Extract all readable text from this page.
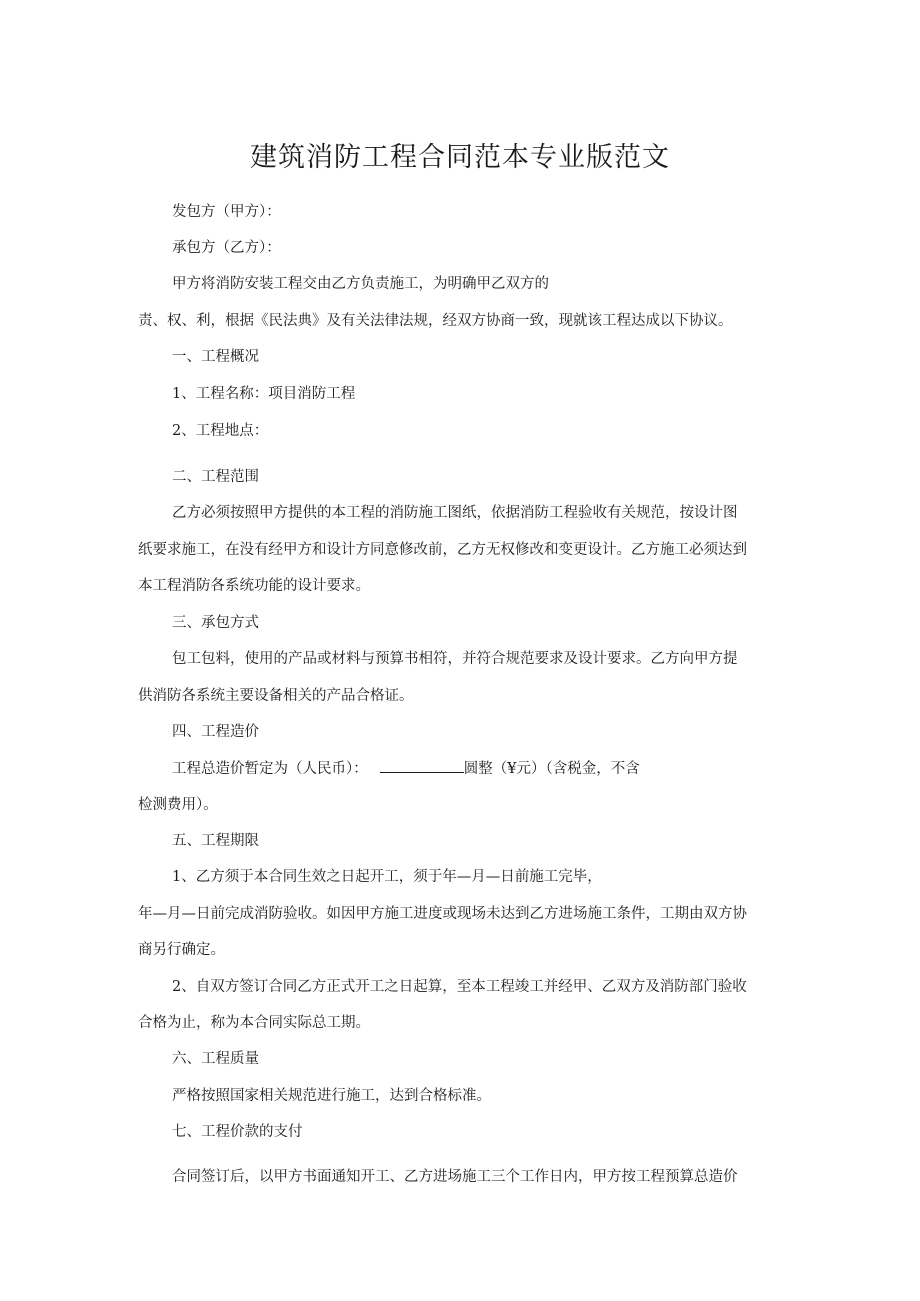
建筑消防工程合同范本专业版范文
发包方（甲方）：
承包方（乙方）：
甲方将消防安装工程交由乙方负责施工，为明确甲乙双方的
责、权、利，根据《民法典》及有关法律法规，经双方协商一致，现就该工程达成以下协议。
一、工程概况
1、工程名称：项目消防工程
2、工程地点：
二、工程范围
乙方必须按照甲方提供的本工程的消防施工图纸，依据消防工程验收有关规范，按设计图
纸要求施工，在没有经甲方和设计方同意修改前，乙方无权修改和变更设计。乙方施工必须达到
本工程消防各系统功能的设计要求。
三、承包方式
包工包料，使用的产品或材料与预算书相符，并符合规范要求及设计要求。乙方向甲方提
供消防各系统主要设备相关的产品合格证。
四、工程造价
工程总造价暂定为（人民币）：	圆整（¥元）（含税金，不含
检测费用）。
五、工程期限
1、乙方须于本合同生效之日起开工，须于年—月—日前施工完毕，
年—月—日前完成消防验收。如因甲方施工进度或现场未达到乙方进场施工条件，工期由双方协
商另行确定。
2、自双方签订合同乙方正式开工之日起算，至本工程竣工并经甲、乙双方及消防部门验收
合格为止，称为本合同实际总工期。
六、工程质量
严格按照国家相关规范进行施工，达到合格标准。
七、工程价款的支付
合同签订后，以甲方书面通知开工、乙方进场施工三个工作日内，甲方按工程预算总造价
